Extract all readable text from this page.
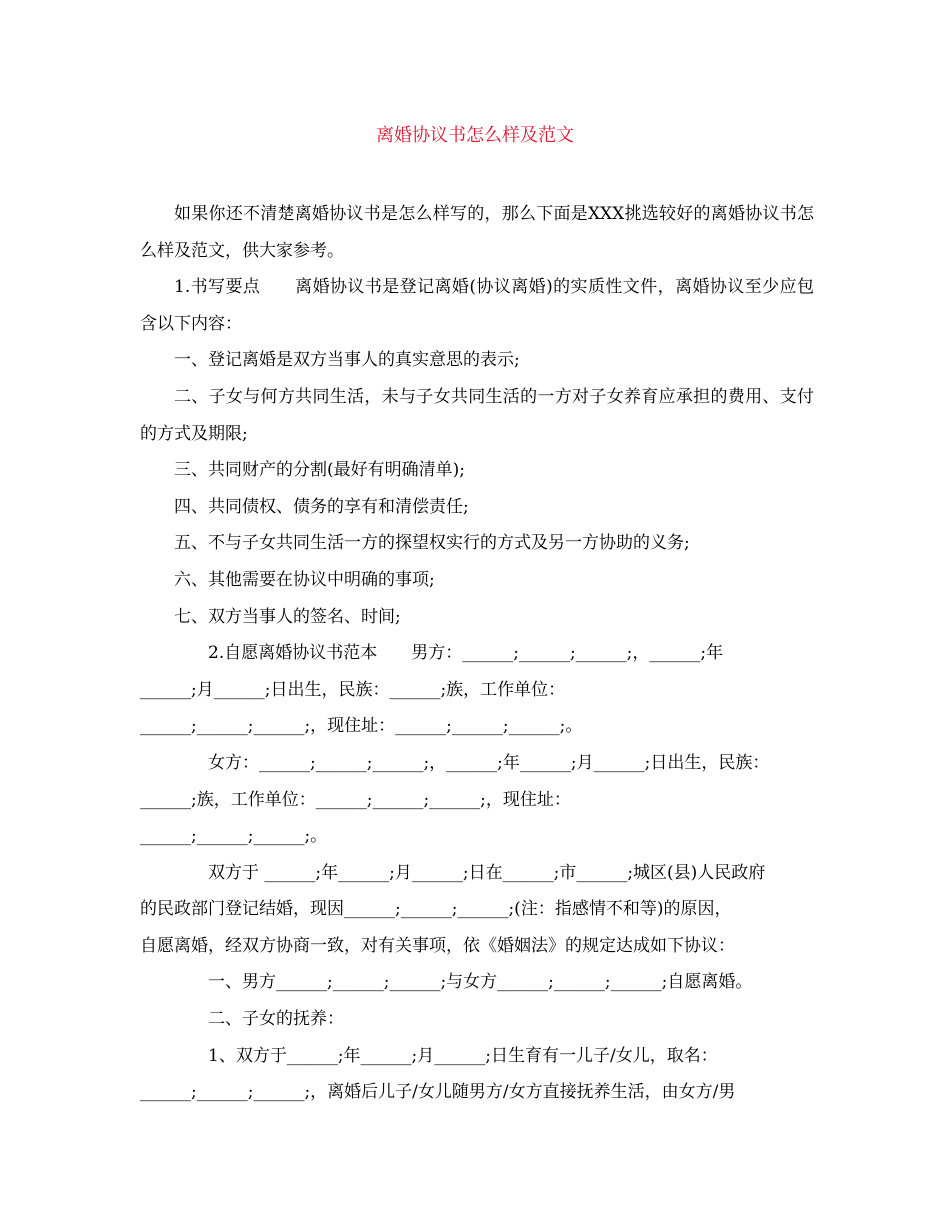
离婚协议书怎么样及范文

如果你还不清楚离婚协议书是怎么样写的，那么下面是XXX挑选较好的离婚协议书怎么样及范文，供大家参考。

1.书写要点　　离婚协议书是登记离婚(协议离婚)的实质性文件，离婚协议至少应包含以下内容：

一、登记离婚是双方当事人的真实意思的表示;

二、子女与何方共同生活，未与子女共同生活的一方对子女养育应承担的费用、支付的方式及期限;

三、共同财产的分割(最好有明确清单);

四、共同债权、债务的享有和清偿责任;

五、不与子女共同生活一方的探望权实行的方式及另一方协助的义务;

六、其他需要在协议中明确的事项;

七、双方当事人的签名、时间;

2.自愿离婚协议书范本　　男方：______;______;______;，______;年
______;月______;日出生，民族：______;族，工作单位：
______;______;______;，现住址：______;______;______;。
女方：______;______;______;，______;年______;月______;日出生，民族：
______;族，工作单位：______;______;______;，现住址：
______;______;______;。
双方于 ______;年______;月______;日在______;市______;城区(县)人民政府
的民政部门登记结婚，现因______;______;______;(注：指感情不和等)的原因，
自愿离婚，经双方协商一致，对有关事项，依《婚姻法》的规定达成如下协议：
一、男方______;______;______;与女方______;______;______;自愿离婚。
二、子女的抚养：
1、双方于______;年______;月______;日生育有一儿子/女儿，取名：
______;______;______;，离婚后儿子/女儿随男方/女方直接抚养生活，由女方/男
